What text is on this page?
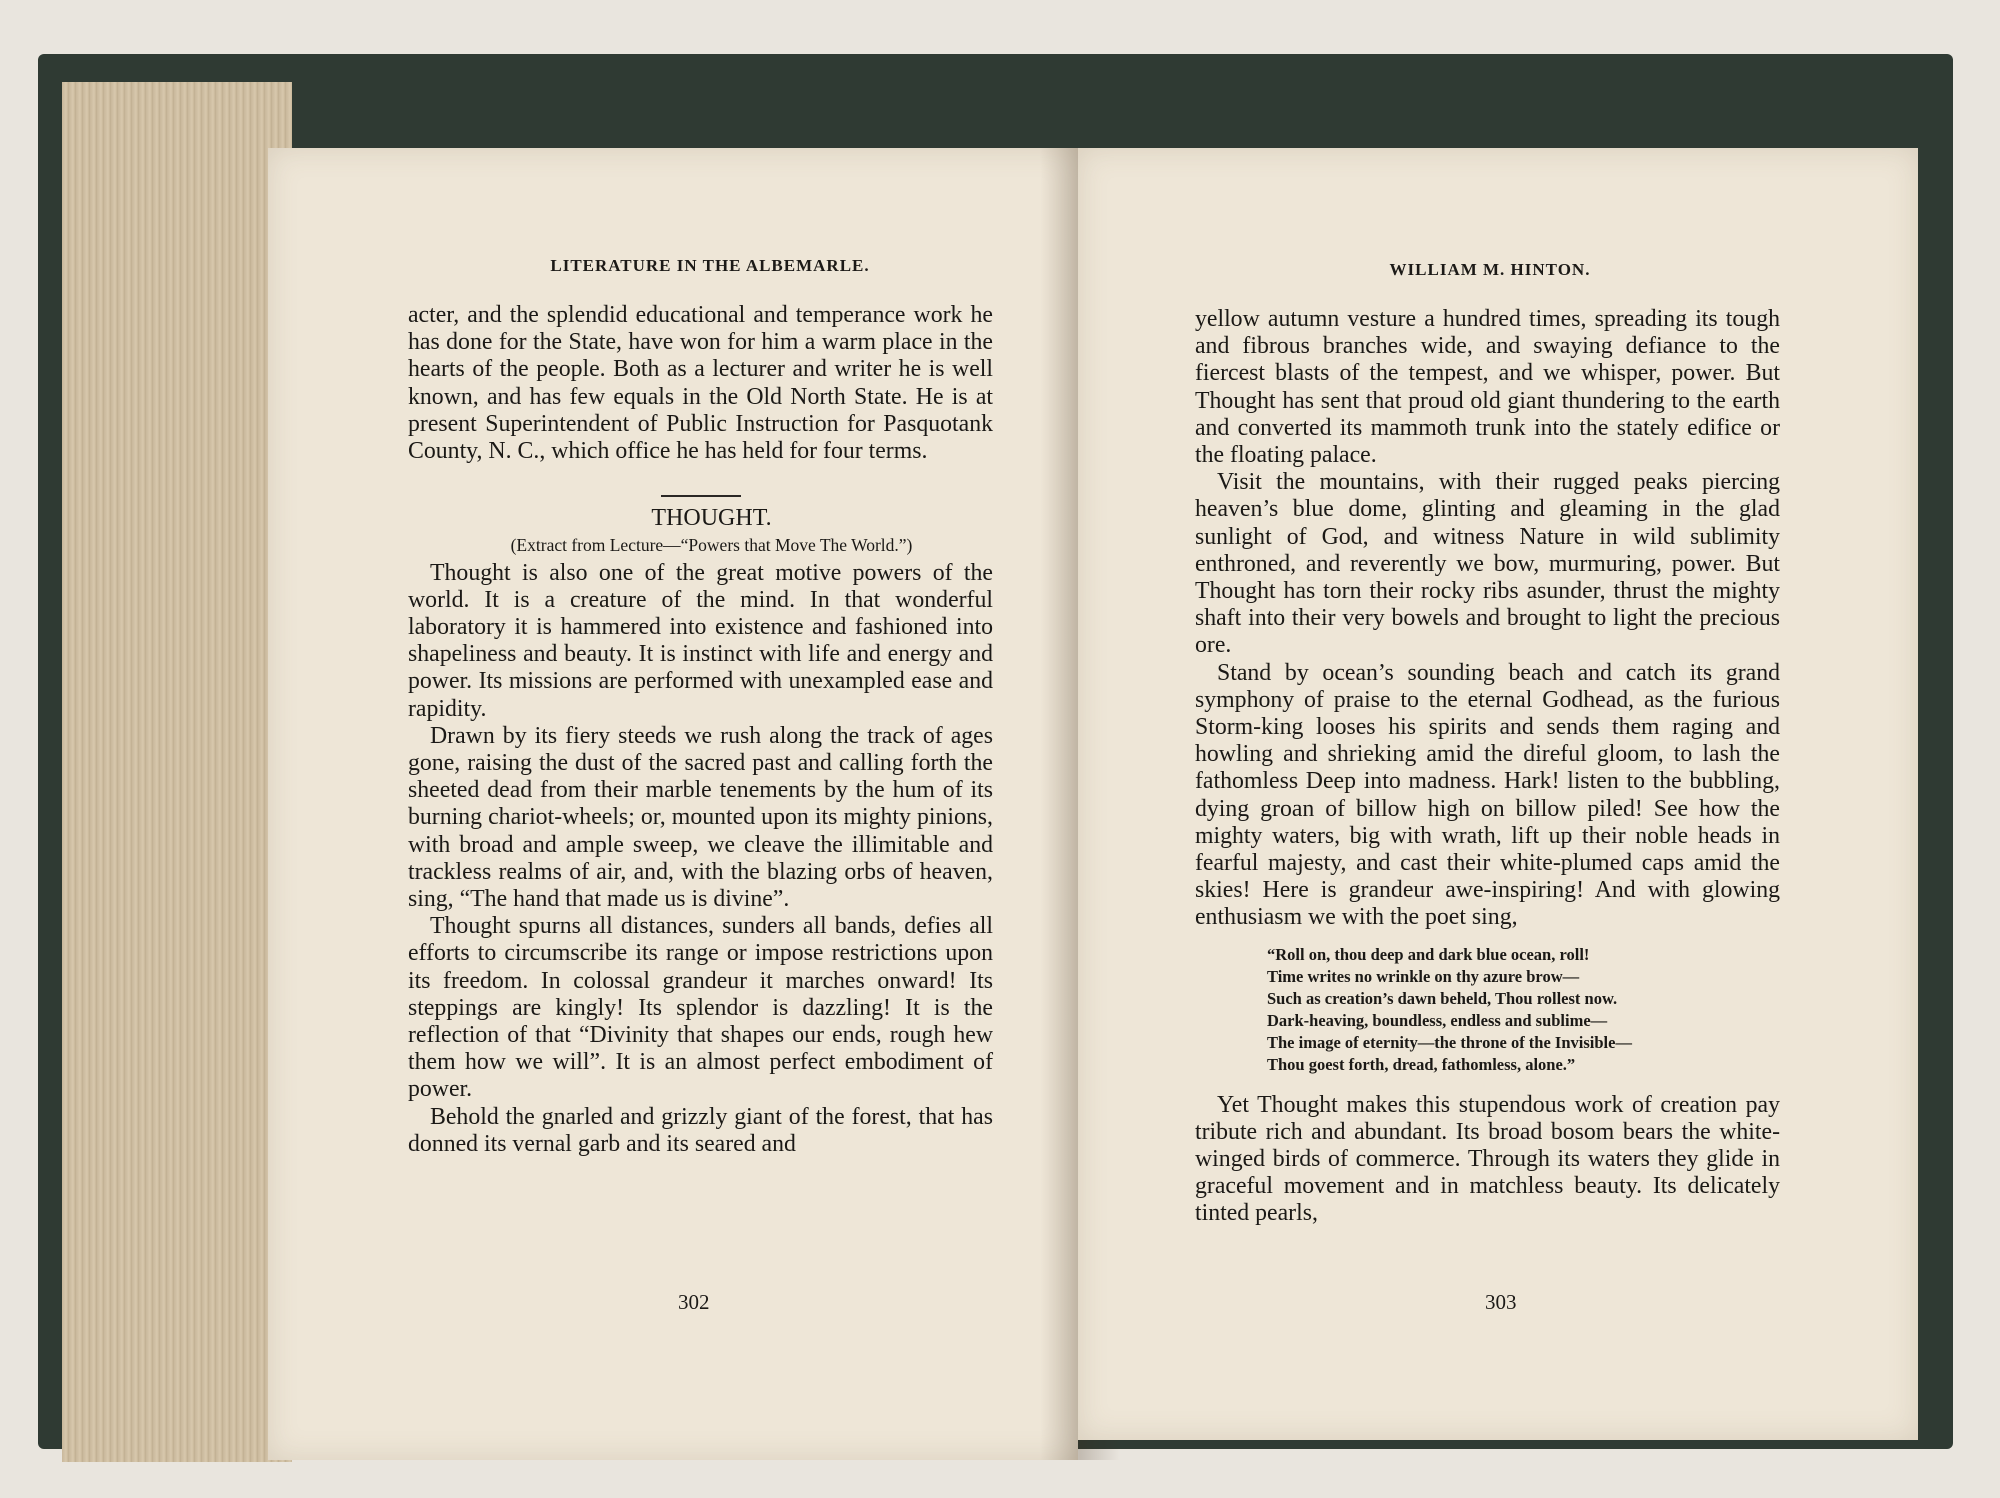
LITERATURE IN THE ALBEMARLE.

acter, and the splendid educational and temperance work he has done for the State, have won for him a warm place in the hearts of the people. Both as a lecturer and writer he is well known, and has few equals in the Old North State. He is at present Superintendent of Public Instruction for Pasquotank County, N. C., which office he has held for four terms.

THOUGHT.

(Extract from Lecture—“Powers that Move The World.”)

Thought is also one of the great motive powers of the world. It is a creature of the mind. In that wonderful laboratory it is hammered into existence and fashioned into shapeliness and beauty. It is instinct with life and energy and power. Its missions are performed with unexampled ease and rapidity.

Drawn by its fiery steeds we rush along the track of ages gone, raising the dust of the sacred past and calling forth the sheeted dead from their marble tenements by the hum of its burning chariot-wheels; or, mounted upon its mighty pinions, with broad and ample sweep, we cleave the illimitable and trackless realms of air, and, with the blazing orbs of heaven, sing, “The hand that made us is divine”.

Thought spurns all distances, sunders all bands, defies all efforts to circumscribe its range or impose restrictions upon its freedom. In colossal grandeur it marches onward! Its steppings are kingly! Its splendor is dazzling! It is the reflection of that “Divinity that shapes our ends, rough hew them how we will”. It is an almost perfect embodiment of power.

Behold the gnarled and grizzly giant of the forest, that has donned its vernal garb and its seared and

302
WILLIAM M. HINTON.

yellow autumn vesture a hundred times, spreading its tough and fibrous branches wide, and swaying defiance to the fiercest blasts of the tempest, and we whisper, power. But Thought has sent that proud old giant thundering to the earth and converted its mammoth trunk into the stately edifice or the floating palace.

Visit the mountains, with their rugged peaks piercing heaven’s blue dome, glinting and gleaming in the glad sunlight of God, and witness Nature in wild sublimity enthroned, and reverently we bow, murmuring, power. But Thought has torn their rocky ribs asunder, thrust the mighty shaft into their very bowels and brought to light the precious ore.

Stand by ocean’s sounding beach and catch its grand symphony of praise to the eternal Godhead, as the furious Storm-king looses his spirits and sends them raging and howling and shrieking amid the direful gloom, to lash the fathomless Deep into madness. Hark! listen to the bubbling, dying groan of billow high on billow piled! See how the mighty waters, big with wrath, lift up their noble heads in fearful majesty, and cast their white-plumed caps amid the skies! Here is grandeur awe-inspiring! And with glowing enthusiasm we with the poet sing,

“Roll on, thou deep and dark blue ocean, roll!
Time writes no wrinkle on thy azure brow—
Such as creation’s dawn beheld, Thou rollest now.
Dark-heaving, boundless, endless and sublime—
The image of eternity—the throne of the Invisible—
Thou goest forth, dread, fathomless, alone.”

Yet Thought makes this stupendous work of creation pay tribute rich and abundant. Its broad bosom bears the white-winged birds of commerce. Through its waters they glide in graceful movement and in matchless beauty. Its delicately tinted pearls,

303
